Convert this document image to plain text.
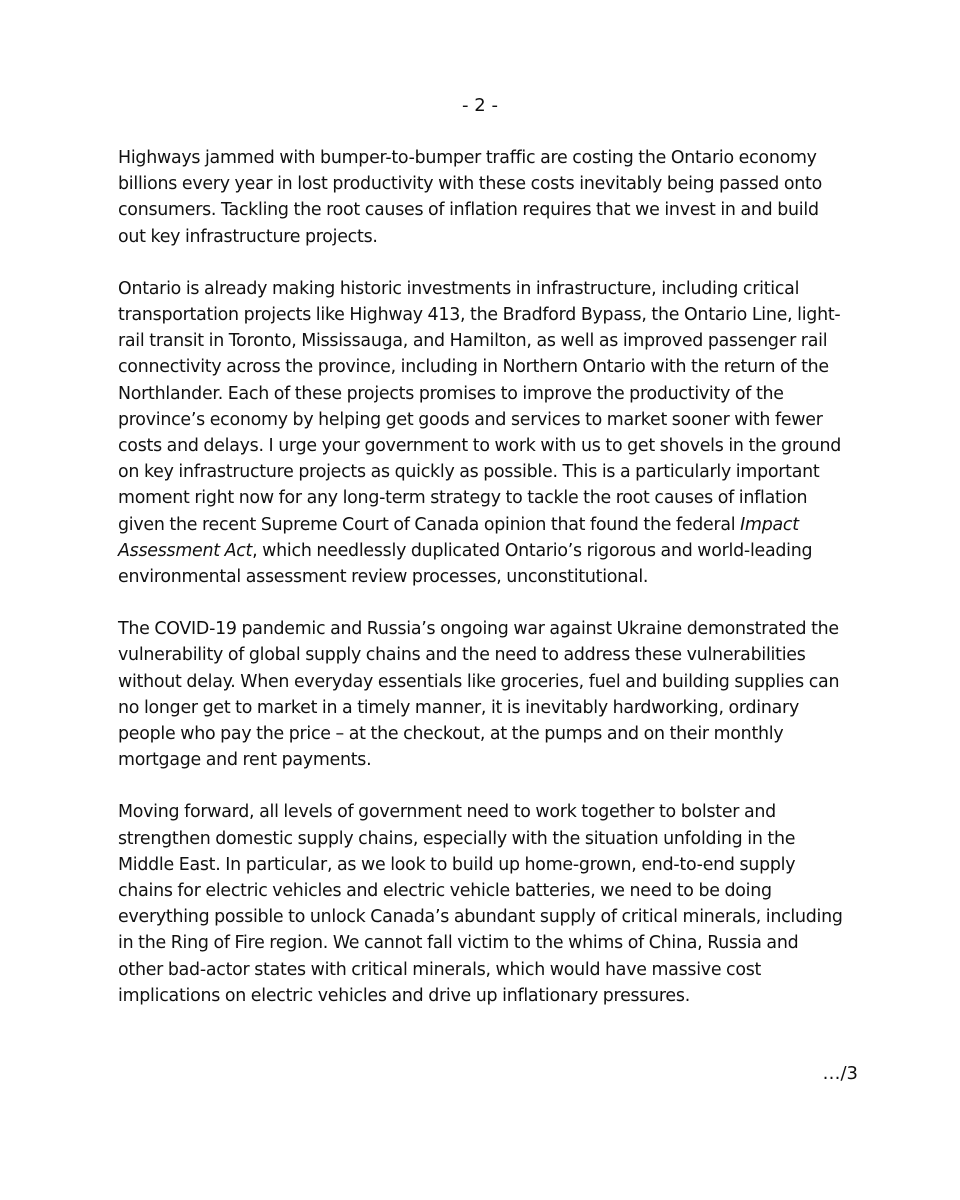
- 2 -

Highways jammed with bumper-to-bumper traffic are costing the Ontario economy
billions every year in lost productivity with these costs inevitably being passed onto
consumers. Tackling the root causes of inflation requires that we invest in and build
out key infrastructure projects.

Ontario is already making historic investments in infrastructure, including critical
transportation projects like Highway 413, the Bradford Bypass, the Ontario Line, light-
rail transit in Toronto, Mississauga, and Hamilton, as well as improved passenger rail
connectivity across the province, including in Northern Ontario with the return of the
Northlander. Each of these projects promises to improve the productivity of the
province’s economy by helping get goods and services to market sooner with fewer
costs and delays. I urge your government to work with us to get shovels in the ground
on key infrastructure projects as quickly as possible. This is a particularly important
moment right now for any long-term strategy to tackle the root causes of inflation
given the recent Supreme Court of Canada opinion that found the federal Impact
Assessment Act, which needlessly duplicated Ontario’s rigorous and world-leading
environmental assessment review processes, unconstitutional.

The COVID-19 pandemic and Russia’s ongoing war against Ukraine demonstrated the
vulnerability of global supply chains and the need to address these vulnerabilities
without delay. When everyday essentials like groceries, fuel and building supplies can
no longer get to market in a timely manner, it is inevitably hardworking, ordinary
people who pay the price – at the checkout, at the pumps and on their monthly
mortgage and rent payments.

Moving forward, all levels of government need to work together to bolster and
strengthen domestic supply chains, especially with the situation unfolding in the
Middle East. In particular, as we look to build up home-grown, end-to-end supply
chains for electric vehicles and electric vehicle batteries, we need to be doing
everything possible to unlock Canada’s abundant supply of critical minerals, including
in the Ring of Fire region. We cannot fall victim to the whims of China, Russia and
other bad-actor states with critical minerals, which would have massive cost
implications on electric vehicles and drive up inflationary pressures.

…/3
